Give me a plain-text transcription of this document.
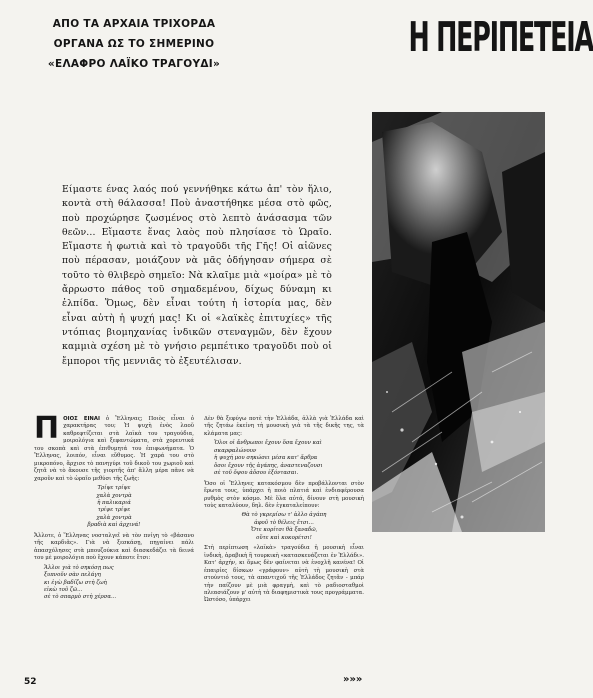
ΑΠΟ ΤΑ ΑΡΧΑΙΑ ΤΡΙΧΟΡΔΑ
ΟΡΓΑΝΑ ΩΣ ΤΟ ΣΗΜΕΡΙΝΟ
«ΕΛΑΦΡΟ ΛΑΪΚΟ ΤΡΑΓΟΥΔΙ»
Η ΠΕΡΙΠΕΤΕΙΑ
Είμαστε ένας λαός πού γεννήθηκε κάτω ἀπ' τὸν ἥλιο, κοντὰ στὴ θάλασσα! Ποὺ ἀναστήθηκε μέσα στὸ φῶς, ποὺ προχώρησε ζωσμένος στὸ λεπτὸ ἀνάσασμα τῶν θεῶν... Εἴμαστε ἕνας λαὸς ποὺ πλησίασε τὸ Ὡραῖο. Εἴμαστε ἡ φωτιὰ καὶ τὸ τραγοῦδι τῆς Γῆς! Οἱ αἰῶνες ποὺ πέρασαν, μοιάζουν νὰ μᾶς ὁδήγησαν σήμερα σὲ τοῦτο τὸ θλιβερὸ σημεῖο: Νὰ κλαῖμε μιὰ «μοίρα» μὲ τὸ ἄρρωστο πάθος τοῦ σημαδεμένου, δίχως δύναμη κι ἐλπίδα. Ὅμως, δὲν εἶναι τούτη ἡ ἱστορία μας, δὲν εἶναι αὐτὴ ἡ ψυχή μας! Κι οἱ «λαϊκὲς ἐπιτυχίες» τῆς ντόπιας βιομηχανίας ἰνδικῶν στεναγμῶν, δὲν ἔχουν καμμιὰ σχέση μὲ τὸ γνήσιο ρεμπέτικο τραγοῦδι ποὺ οἱ ἔμποροι τῆς μεννιᾶς τὸ ἐξευτέλισαν.
Π ΟΙΟΣ ΕΙΝΑΙ ὁ Ἕλληνας; Ποιὸς εἶναι ὁ χαρακτήρας του; Ἡ ψυχὴ ἑνὸς λαοῦ καθρεφτίζεται στὰ λαϊκὰ του τραγούδια, μοιρολόγια καὶ ξεφαντώματα, στὰ χορευτικά του σκοπὰ καὶ στὰ ἐπιθυμητά του ἐπιφωνήματα. Ὁ Ἕλληνας, λοιπόν, εἶναι εὔθυμος. Ἡ χαρά του στὸ μικροπόνο, ἄρχισε τὸ πανηγύρι τοῦ δικοῦ του χωριοῦ καὶ ζητᾶ νὰ τὸ ἄκουσε τῆς γιορτῆς ἀπ' ἄλλη μέρα πᾶνε νὰ χαροῦν καὶ τὸ ὡραῖο μεθύσι τῆς ζωῆς:

Τρίψε τρίψε
χαλὰ χοντρὰ
ἡ παλικαριά
τρίψε τρίψε
χαλὰ χοντρὰ
βραδιὰ καὶ ἀρχινά!

Ἄλλοτε, ὁ Ἕλληνας νοσταλγεῖ νὰ τὸν πνίγη τὸ «βάσανο τῆς καρδιᾶς». Γιὰ νὰ ξεσκάσῃ, πηγαίνει πάλι ἀπασχόλησες στὰ μπουζούκια καὶ διασκεδάζει τὰ δεινά του μὲ μοιρολόγια ποὺ ἔχουν κάποτε ἔτσι:

Ἄλλοι γιὰ τὸ σηκόσῃ πως
ξυπνοῦν σὰν πελάγη
κι ἐγὼ βαδίζω στὴ ζωὴ
εἰκὼ τοῦ ζῶ...
σὲ τὸ σπαρμὸ στὴ χέρσα...

Δὲν θὰ ξεφύγω ποτὲ τὴν Ἑλλάδα, ἀλλὰ γιὰ Ἐλλάδα καὶ τῆς ζητάω ἐκείνη τὴ μουσικὴ γιὰ τὰ τῆς δικῆς της, τὰ κλάματα μας:

Ὄλοι οἱ ἄνθρωποι ἔχουν ὅσα ἔχουν καὶ
σκαρφαλώνουν
ἡ ψυχή μου σηκώσει μέσα κατ' ἄρθρα
ὅσοι ἔχουν τῆς ἀγάπης, ἀναστεναζουσι
σὲ τοῦ ὄψου ἀὄσου ἐξόντασαι.

Ὅσο οἱ Ἕλληνες κατακόσμου δὲν προβάλλονται στὸν ἔρωτα τους, ὑπάρχει ἡ ποιὸ πλατιά καὶ ἐνδιαφέρουσα ρυθμὸς στὸν κόσμο. Μὲ ὅλα αὐτά, δίνουν στὴ μουσικὴ τοὺς καταλύουν, δηλ. δὲν ἐγκαταλείπουν:

Θὰ τὸ γκρεμίσω τ' ἀλλο ἀγάπη
ἀφοῦ τὸ θέλεις ἔτσι...
Ὅτε κορίτσι θὰ ξαναδῶ,
οὔτε καὶ κοκορέτσι!

Στὴ περίπτωση «λαϊκὰ» τραγούδια ἡ μουσικὴ εἶναι ἰνδικὴ, ἀραβικὴ ἢ τουρκικὴ «κατασκευάζεται ἐν Ἑλλάδι». Κατ' ἀρχήν, κι ὅμως δὲν φαίνεται νὰ ἐνοχλῆ κανένα! Οἱ ἐπαιρίες δίσκων «γράφουν» αὐτὴ τὴ μουσικὴ στὰ στούντιό τους, τὰ απαντιχοῦ τῆς Ἑλλάδος ζητᾶν - μπάρ τὴν παίζουν μὲ μιὰ φραγμὴ, καὶ τὸ ραδιοσταθμοὶ πλεασιάζουν μ' αὐτὴ τὰ διαφημιστικὰ τους προγράμματα. Ὡστόσο, ὑπάρχει

52	»»»
